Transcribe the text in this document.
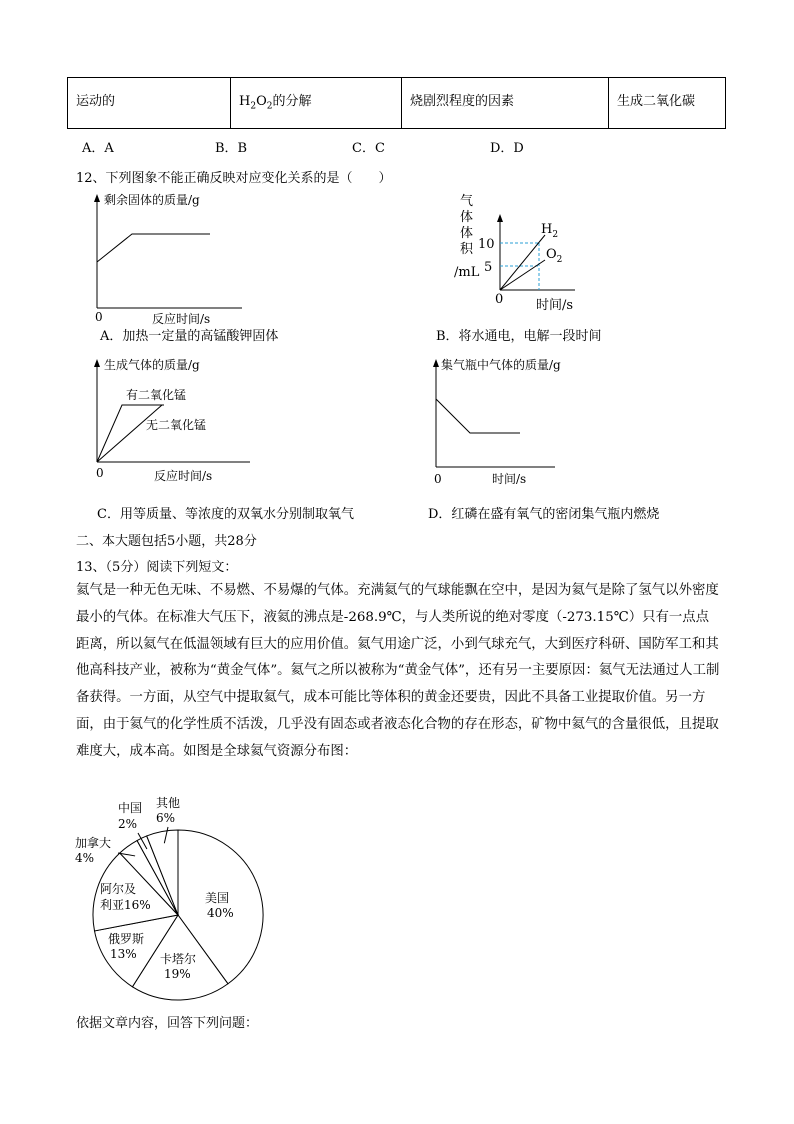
运动的	$H_2O_2$的分解	烧剧烈程度的因素	生成二氧化碳
A．A	B．B	C．C	D．D
12、下列图象不能正确反映对应变化关系的是（　　）
剩余固体的质量/g
0	反应时间/s
A．加热一定量的高锰酸钾固体
气
体
体
积
/mL
10
5
0	时间/s
$H_2$
$O_2$
B．将水通电，电解一段时间
生成气体的质量/g
有二氧化锰
无二氧化锰
0	反应时间/s
C．用等质量、等浓度的双氧水分别制取氧气
集气瓶中气体的质量/g
0	时间/s
D．红磷在盛有氧气的密闭集气瓶内燃烧
二、本大题包括5小题，共28分
13、（5分）阅读下列短文：

氦气是一种无色无味、不易燃、不易爆的气体。充满氦气的气球能飘在空中，是因为氦气是除了氢气以外密度最小的气体。在标准大气压下，液氦的沸点是-268.9℃，与人类所说的绝对零度（-273.15℃）只有一点点距离，所以氦气在低温领域有巨大的应用价值。氦气用途广泛，小到气球充气，大到医疗科研、国防军工和其他高科技产业，被称为“黄金气体”。氦气之所以被称为“黄金气体”，还有另一主要原因：氦气无法通过人工制备获得。一方面，从空气中提取氦气，成本可能比等体积的黄金还要贵，因此不具备工业提取价值。另一方面，由于氦气的化学性质不活泼，几乎没有固态或者液态化合物的存在形态，矿物中氦气的含量很低，且提取难度大，成本高。如图是全球氦气资源分布图：

美国
40%
卡塔尔
19%
俄罗斯
13%
阿尔及
利亚16%
加拿大
4%
中国
2%
其他
6%
依据文章内容，回答下列问题：
